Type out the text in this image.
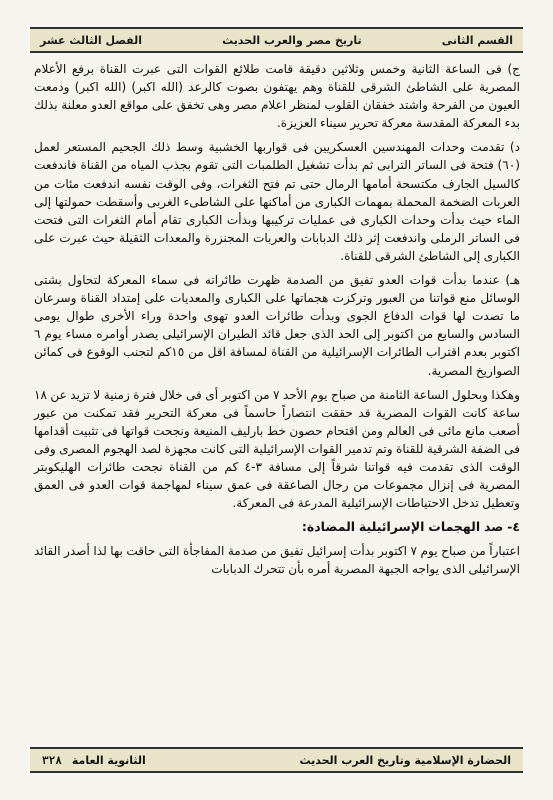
القسم الثانى
تاريخ مصر والعرب الحديث
الفصل الثالث عشر

ج) فى الساعة الثانية وخمس وثلاثين دقيقة قامت طلائع القوات التى عبرت القناة برفع الأعلام المصرية على الشاطئ الشرقى للقناة وهم يهتفون بصوت كالرعد (الله اكبر) (الله اكبر) ودمعت العيون من الفرحة واشتد خفقان القلوب لمنظر اعلام مصر وهى تخفق على مواقع العدو معلنة بذلك بدء المعركة المقدسة معركة تحرير سيناء العزيزة.

د) تقدمت وحدات المهندسين العسكريين فى قواربها الخشبية وسط ذلك الجحيم المستعر لعمل (٦٠) فتحة فى الساتر الترابى ثم بدأت تشغيل الطلمبات التى تقوم بجذب المياه من القناة فاندفعت كالسيل الجارف مكتسحة أمامها الرمال حتى تم فتح الثغرات، وفى الوقت نفسه اندفعت مئات من العربات الضخمة المحملة بمهمات الكبارى من أماكنها على الشاطىء الغربى وأسقطت حمولتها إلى الماء حيث بدأت وحدات الكبارى فى عمليات تركيبها وبدأت الكبارى تقام أمام الثغرات التى فتحت فى الساتر الرملى واندفعت إثر ذلك الدبابات والعربات المجنزرة والمعدات الثقيلة حيث عبرت على الكبارى إلى الشاطئ الشرقى للقناة.

هـ) عندما بدأت قوات العدو تفيق من الصدمة ظهرت طائراته فى سماء المعركة لتحاول بشتى الوسائل منع قواتنا من العبور وتركزت هجماتها على الكبارى والمعديات على إمتداد القناة وسرعان ما تصدت لها قوات الدفاع الجوى وبدأت طائرات العدو تهوى واحدة وراء الأخرى طوال يومى السادس والسابع من اكتوبر إلى الحد الذى جعل قائد الطيران الإسرائيلى يصدر أوامره مساء يوم ٦ اكتوبر بعدم اقتراب الطائرات الإسرائيلية من القناة لمسافة اقل من ١٥كم لتجنب الوقوع فى كمائن الصواريخ المصرية.

وهكذا وبحلول الساعة الثامنة من صباح يوم الأحد ٧ من اكتوبر أى فى خلال فترة زمنية لا تزيد عن ١٨ ساعة كانت القوات المصرية قد حققت انتصاراً حاسماً فى معركة التحرير فقد تمكنت من عبور أصعب مانع مائى فى العالم ومن اقتحام حصون خط بارليف المنيعة ونجحت قواتها فى تثبيت أقدامها فى الضفة الشرقية للقناة وتم تدمير القوات الإسرائيلية التى كانت مجهزة لصد الهجوم المصرى وفى الوقت الذى تقدمت فيه قواتنا شرقاً إلى مسافة ٣-٤ كم من القناة نجحت طائرات الهليكوبتر المصرية فى إنزال مجموعات من رجال الصاعقة فى عمق سيناء لمهاجمة قوات العدو فى العمق وتعطيل تدخل الاحتياطات الإسرائيلية المدرعة فى المعركة.

٤- صد الهجمات الإسرائيلية المضادة:

اعتباراً من صباح يوم ٧ اكتوبر بدأت إسرائيل تفيق من صدمة المفاجأة التى حاقت بها لذا أصدر القائد الإسرائيلى الذى يواجه الجبهة المصرية أمره بأن تتحرك الدبابات

الحضارة الإسلامية وتاريخ العرب الحديث
الثانوية العامة
٣٢٨
